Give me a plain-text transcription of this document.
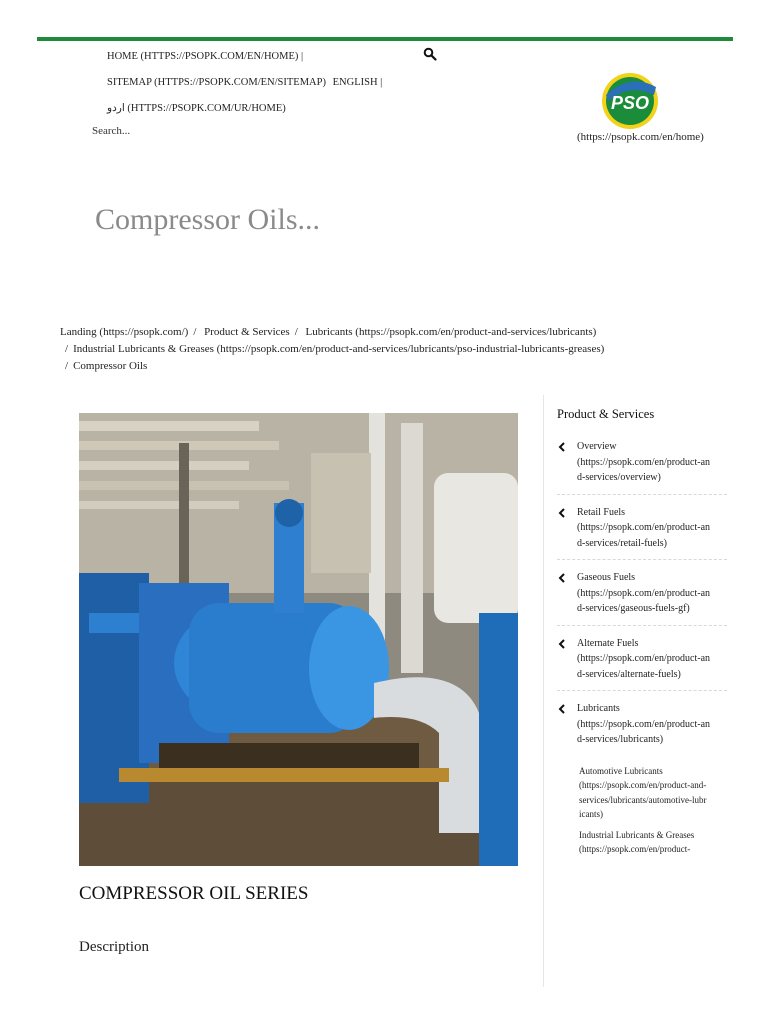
HOME (HTTPS://PSOPK.COM/EN/HOME) |
SITEMAP (HTTPS://PSOPK.COM/EN/SITEMAP) ENGLISH |
اردو (HTTPS://PSOPK.COM/UR/HOME)
Search...
PSO
(https://psopk.com/en/home)
Compressor Oils...
Landing (https://psopk.com/) / Product & Services / Lubricants (https://psopk.com/en/product-and-services/lubricants)
/ Industrial Lubricants & Greases (https://psopk.com/en/product-and-services/lubricants/pso-industrial-lubricants-greases)
/ Compressor Oils
COMPRESSOR OIL SERIES
Description
Product & Services
Overview
(https://psopk.com/en/product-and-services/overview)
Retail Fuels
(https://psopk.com/en/product-and-services/retail-fuels)
Gaseous Fuels
(https://psopk.com/en/product-and-services/gaseous-fuels-gf)
Alternate Fuels
(https://psopk.com/en/product-and-services/alternate-fuels)
Lubricants
(https://psopk.com/en/product-and-services/lubricants)
Automotive Lubricants
(https://psopk.com/en/product-and-services/lubricants/automotive-lubricants)
Industrial Lubricants & Greases
(https://psopk.com/en/product-
